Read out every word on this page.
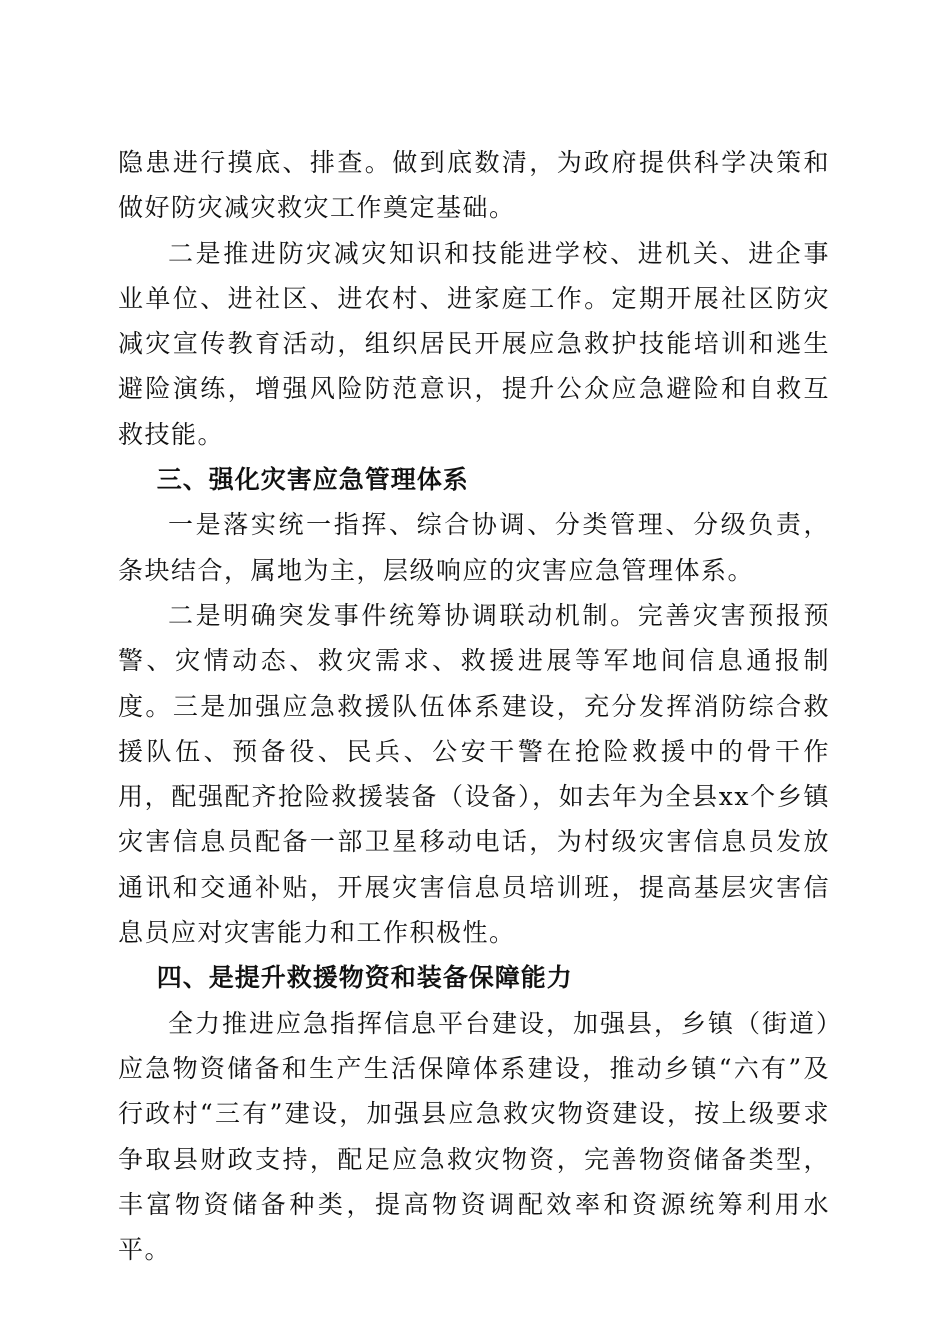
隐患进行摸底、排查。做到底数清，为政府提供科学决策和做好防灾减灾救灾工作奠定基础。

二是推进防灾减灾知识和技能进学校、进机关、进企事业单位、进社区、进农村、进家庭工作。定期开展社区防灾减灾宣传教育活动，组织居民开展应急救护技能培训和逃生避险演练，增强风险防范意识，提升公众应急避险和自救互救技能。

三、强化灾害应急管理体系

一是落实统一指挥、综合协调、分类管理、分级负责，条块结合，属地为主，层级响应的灾害应急管理体系。

二是明确突发事件统筹协调联动机制。完善灾害预报预警、灾情动态、救灾需求、救援进展等军地间信息通报制度。三是加强应急救援队伍体系建设，充分发挥消防综合救援队伍、预备役、民兵、公安干警在抢险救援中的骨干作用，配强配齐抢险救援装备（设备），如去年为全县xx个乡镇灾害信息员配备一部卫星移动电话，为村级灾害信息员发放通讯和交通补贴，开展灾害信息员培训班，提高基层灾害信息员应对灾害能力和工作积极性。

四、是提升救援物资和装备保障能力

全力推进应急指挥信息平台建设，加强县，乡镇（街道）应急物资储备和生产生活保障体系建设，推动乡镇“六有”及行政村“三有”建设，加强县应急救灾物资建设，按上级要求争取县财政支持，配足应急救灾物资，完善物资储备类型，丰富物资储备种类，提高物资调配效率和资源统筹利用水平。
